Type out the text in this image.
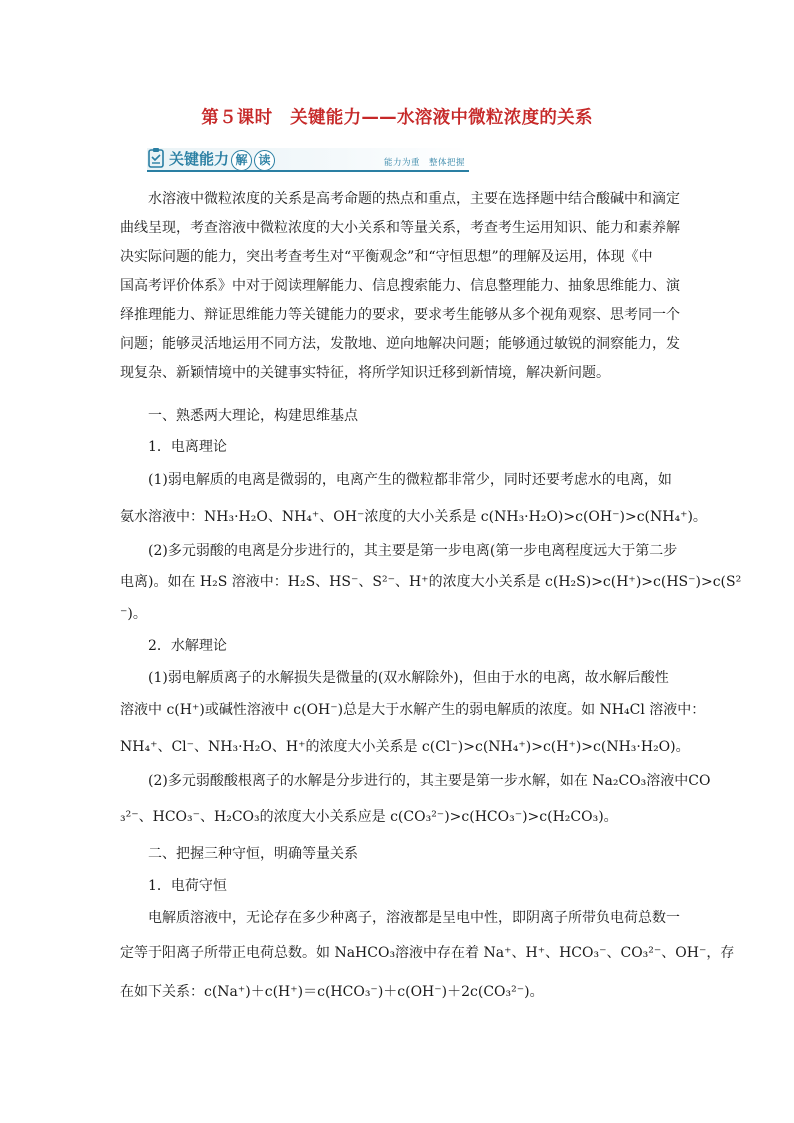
第５课时　关键能力——水溶液中微粒浓度的关系
关键能力 解 读	能力为重　整体把握
水溶液中微粒浓度的关系是高考命题的热点和重点，主要在选择题中结合酸碱中和滴定
曲线呈现，考查溶液中微粒浓度的大小关系和等量关系，考查考生运用知识、能力和素养解
决实际问题的能力，突出考查考生对“平衡观念”和“守恒思想”的理解及运用，体现《中
国高考评价体系》中对于阅读理解能力、信息搜索能力、信息整理能力、抽象思维能力、演
绎推理能力、辩证思维能力等关键能力的要求，要求考生能够从多个视角观察、思考同一个
问题；能够灵活地运用不同方法，发散地、逆向地解决问题；能够通过敏锐的洞察能力，发
现复杂、新颖情境中的关键事实特征，将所学知识迁移到新情境，解决新问题。
一、熟悉两大理论，构建思维基点
1．电离理论
(1)弱电解质的电离是微弱的，电离产生的微粒都非常少，同时还要考虑水的电离，如
氨水溶液中：NH₃·H₂O、NH₄⁺、OH⁻浓度的大小关系是 c(NH₃·H₂O)>c(OH⁻)>c(NH₄⁺)。
(2)多元弱酸的电离是分步进行的，其主要是第一步电离(第一步电离程度远大于第二步
电离)。如在 H₂S 溶液中：H₂S、HS⁻、S²⁻、H⁺的浓度大小关系是 c(H₂S)>c(H⁺)>c(HS⁻)>c(S²
⁻)。
2．水解理论
(1)弱电解质离子的水解损失是微量的(双水解除外)，但由于水的电离，故水解后酸性
溶液中 c(H⁺)或碱性溶液中 c(OH⁻)总是大于水解产生的弱电解质的浓度。如 NH₄Cl 溶液中：
NH₄⁺、Cl⁻、NH₃·H₂O、H⁺的浓度大小关系是 c(Cl⁻)>c(NH₄⁺)>c(H⁺)>c(NH₃·H₂O)。
(2)多元弱酸酸根离子的水解是分步进行的，其主要是第一步水解，如在 Na₂CO₃溶液中CO
₃²⁻、HCO₃⁻、H₂CO₃的浓度大小关系应是 c(CO₃²⁻)>c(HCO₃⁻)>c(H₂CO₃)。
二、把握三种守恒，明确等量关系
1．电荷守恒
电解质溶液中，无论存在多少种离子，溶液都是呈电中性，即阴离子所带负电荷总数一
定等于阳离子所带正电荷总数。如 NaHCO₃溶液中存在着 Na⁺、H⁺、HCO₃⁻、CO₃²⁻、OH⁻，存
在如下关系：c(Na⁺)＋c(H⁺)＝c(HCO₃⁻)＋c(OH⁻)＋2c(CO₃²⁻)。
